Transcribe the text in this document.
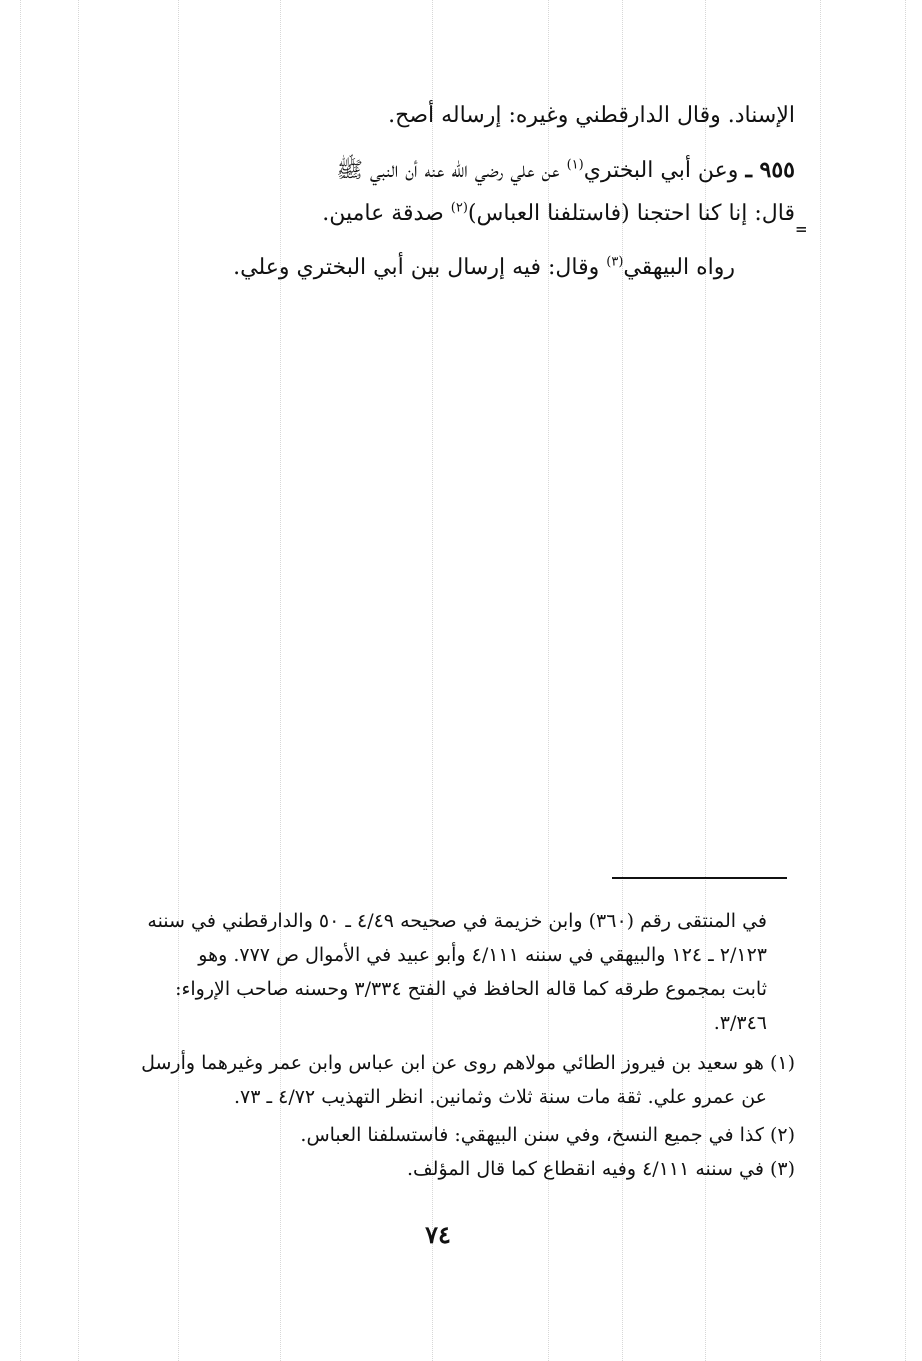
الإسناد. وقال الدارقطني وغيره: إرساله أصح.
٩٥٥ ـ وعن أبي البختري$^{(١)}$ عن علي رضي الله عنه أن النبي ﷺ
قال: إنا كنا احتجنا (فاستلفنا العباس)$^{(٢)}$ صدقة عامين.
رواه البيهقي$^{(٣)}$ وقال: فيه إرسال بين أبي البختري وعلي.
=
في المنتقى رقم (٣٦٠) وابن خزيمة في صحيحه ٤/٤٩ ـ ٥٠ والدارقطني في سننه
٢/١٢٣ ـ ١٢٤ والبيهقي في سننه ٤/١١١ وأبو عبيد في الأموال ص ٧٧٧. وهو
ثابت بمجموع طرقه كما قاله الحافظ في الفتح ٣/٣٣٤ وحسنه صاحب الإرواء:
٣/٣٤٦.
(١) هو سعيد بن فيروز الطائي مولاهم روى عن ابن عباس وابن عمر وغيرهما وأرسل
عن عمرو علي. ثقة مات سنة ثلاث وثمانين. انظر التهذيب ٤/٧٢ ـ ٧٣.
(٢) كذا في جميع النسخ، وفي سنن البيهقي: فاستسلفنا العباس.
(٣) في سننه ٤/١١١ وفيه انقطاع كما قال المؤلف.
٧٤
